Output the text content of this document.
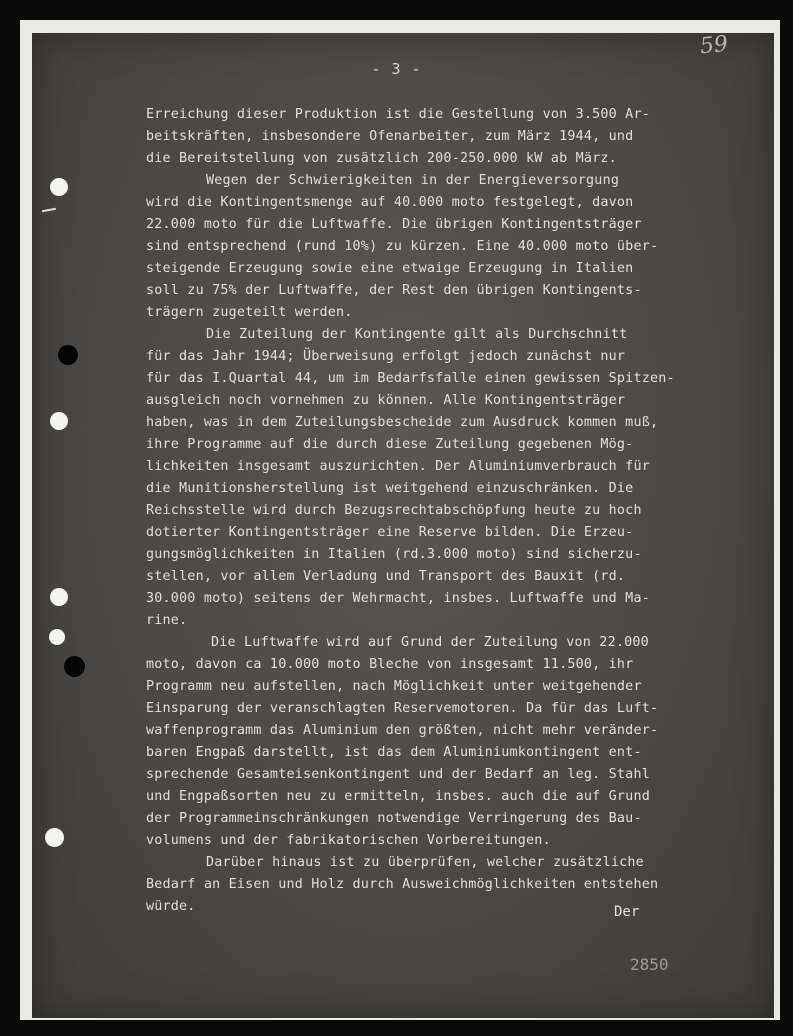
59
- 3 -
Erreichung dieser Produktion ist die Gestellung von 3.500 Ar-
beitskräften, insbesondere Ofenarbeiter, zum März 1944, und
die Bereitstellung von zusätzlich 200-250.000 kW ab März.
Wegen der Schwierigkeiten in der Energieversorgung
wird die Kontingentsmenge auf 40.000 moto festgelegt, davon
22.000 moto für die Luftwaffe. Die übrigen Kontingentsträger
sind entsprechend (rund 10%) zu kürzen. Eine 40.000 moto über-
steigende Erzeugung sowie eine etwaige Erzeugung in Italien
soll zu 75% der Luftwaffe, der Rest den übrigen Kontingents-
trägern zugeteilt werden.
Die Zuteilung der Kontingente gilt als Durchschnitt
für das Jahr 1944; Überweisung erfolgt jedoch zunächst nur
für das I.Quartal 44, um im Bedarfsfalle einen gewissen Spitzen-
ausgleich noch vornehmen zu können. Alle Kontingentsträger
haben, was in dem Zuteilungsbescheide zum Ausdruck kommen muß,
ihre Programme auf die durch diese Zuteilung gegebenen Mög-
lichkeiten insgesamt auszurichten. Der Aluminiumverbrauch für
die Munitionsherstellung ist weitgehend einzuschränken. Die
Reichsstelle wird durch Bezugsrechtabschöpfung heute zu hoch
dotierter Kontingentsträger eine Reserve bilden. Die Erzeu-
gungsmöglichkeiten in Italien (rd.3.000 moto) sind sicherzu-
stellen, vor allem Verladung und Transport des Bauxit (rd.
30.000 moto) seitens der Wehrmacht, insbes. Luftwaffe und Ma-
rine.
Die Luftwaffe wird auf Grund der Zuteilung von 22.000
moto, davon ca 10.000 moto Bleche von insgesamt 11.500, ihr
Programm neu aufstellen, nach Möglichkeit unter weitgehender
Einsparung der veranschlagten Reservemotoren. Da für das Luft-
waffenprogramm das Aluminium den größten, nicht mehr veränder-
baren Engpaß darstellt, ist das dem Aluminiumkontingent ent-
sprechende Gesamteisenkontingent und der Bedarf an leg. Stahl
und Engpaßsorten neu zu ermitteln, insbes. auch die auf Grund
der Programmeinschränkungen notwendige Verringerung des Bau-
volumens und der fabrikatorischen Vorbereitungen.
Darüber hinaus ist zu überprüfen, welcher zusätzliche
Bedarf an Eisen und Holz durch Ausweichmöglichkeiten entstehen
würde.	Der
2850
